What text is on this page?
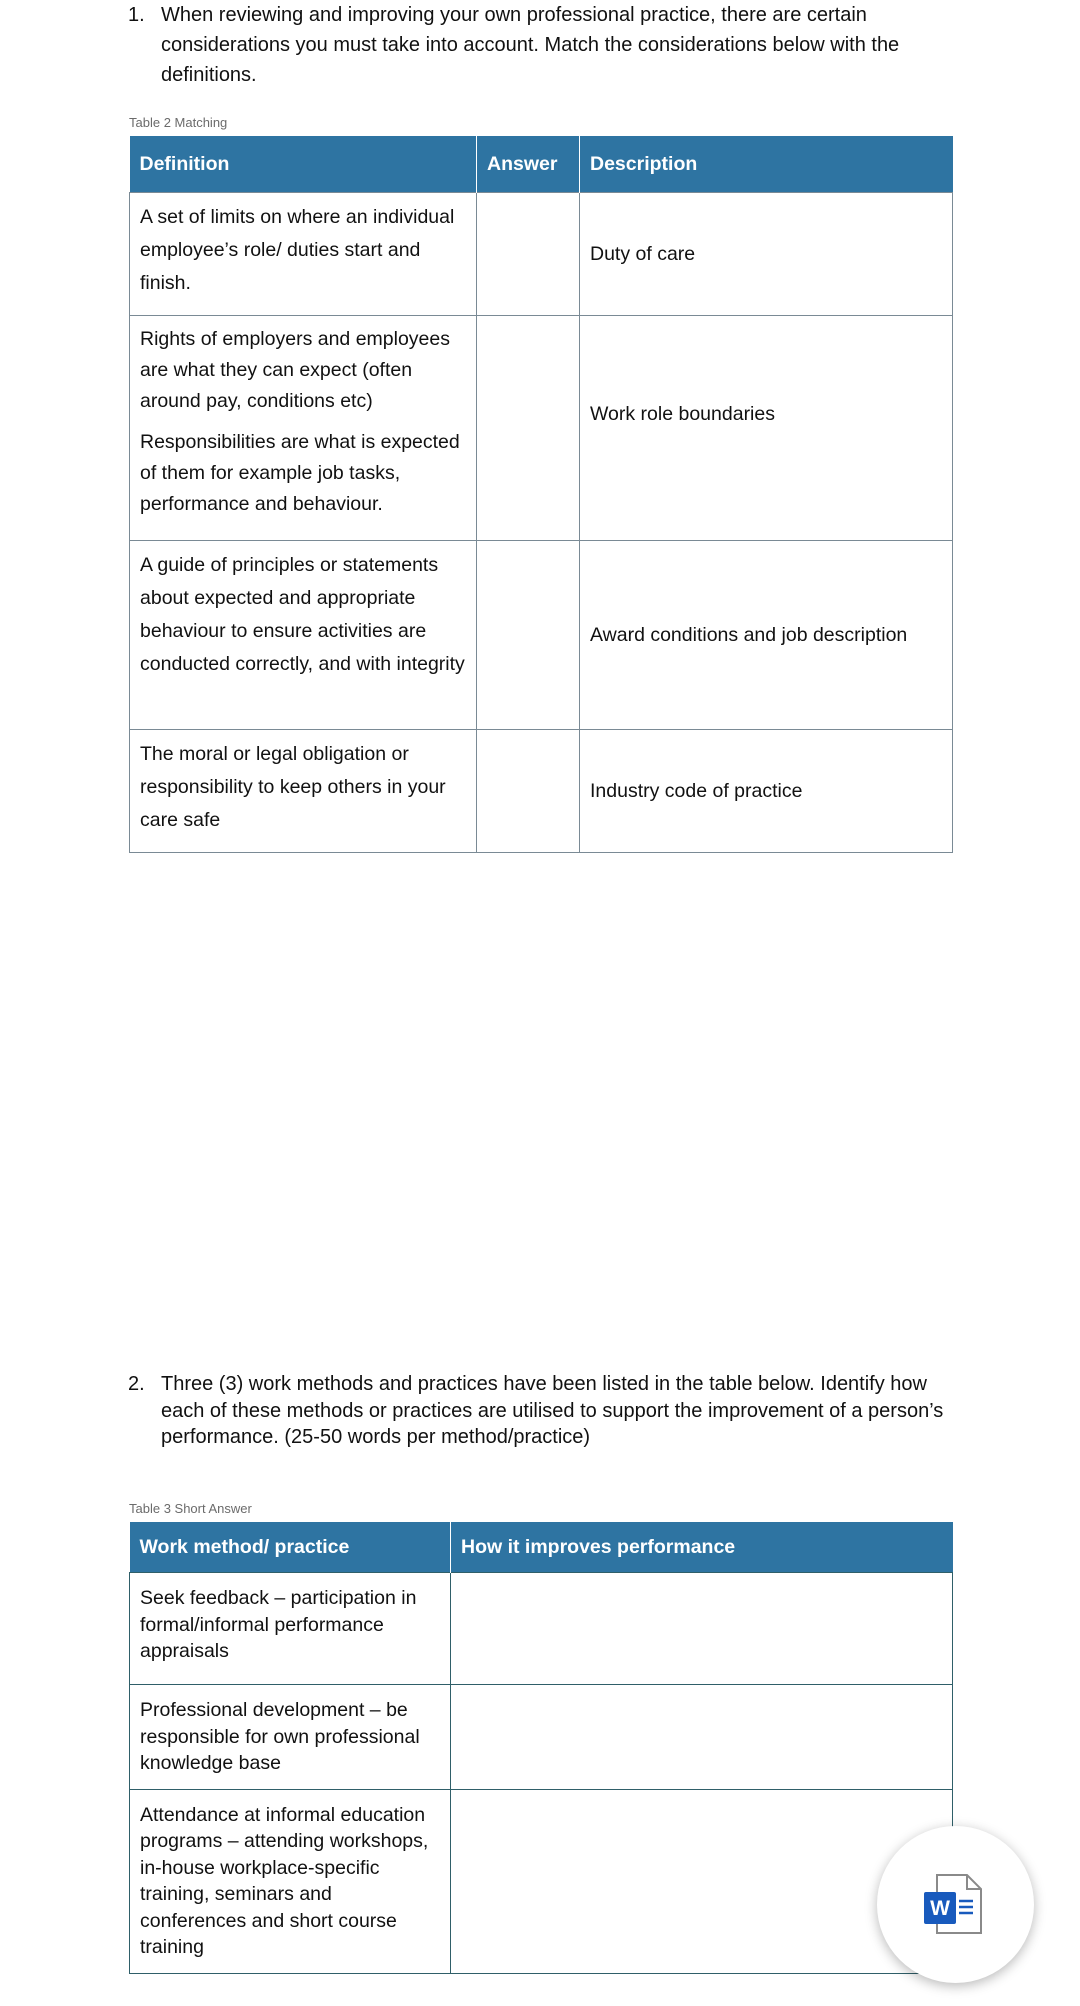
1. When reviewing and improving your own professional practice, there are certain considerations you must take into account. Match the considerations below with the definitions.
Table 2 Matching
Definition	Answer	Description
A set of limits on where an individual employee’s role/ duties start and finish.		Duty of care

Rights of employers and employees are what they can expect (often around pay, conditions etc)
Responsibilities are what is expected of them for example job tasks, performance and behaviour.		Work role boundaries
A guide of principles or statements about expected and appropriate behaviour to ensure activities are conducted correctly, and with integrity		Award conditions and job description
The moral or legal obligation or responsibility to keep others in your care safe		Industry code of practice
2. Three (3) work methods and practices have been listed in the table below. Identify how each of these methods or practices are utilised to support the improvement of a person’s performance. (25-50 words per method/practice)
Table 3 Short Answer
Work method/ practice	How it improves performance
Seek feedback – participation in formal/informal performance appraisals	
Professional development – be responsible for own professional knowledge base	
Attendance at informal education programs – attending workshops, in-house workplace-specific training, seminars and conferences and short course training	
W
